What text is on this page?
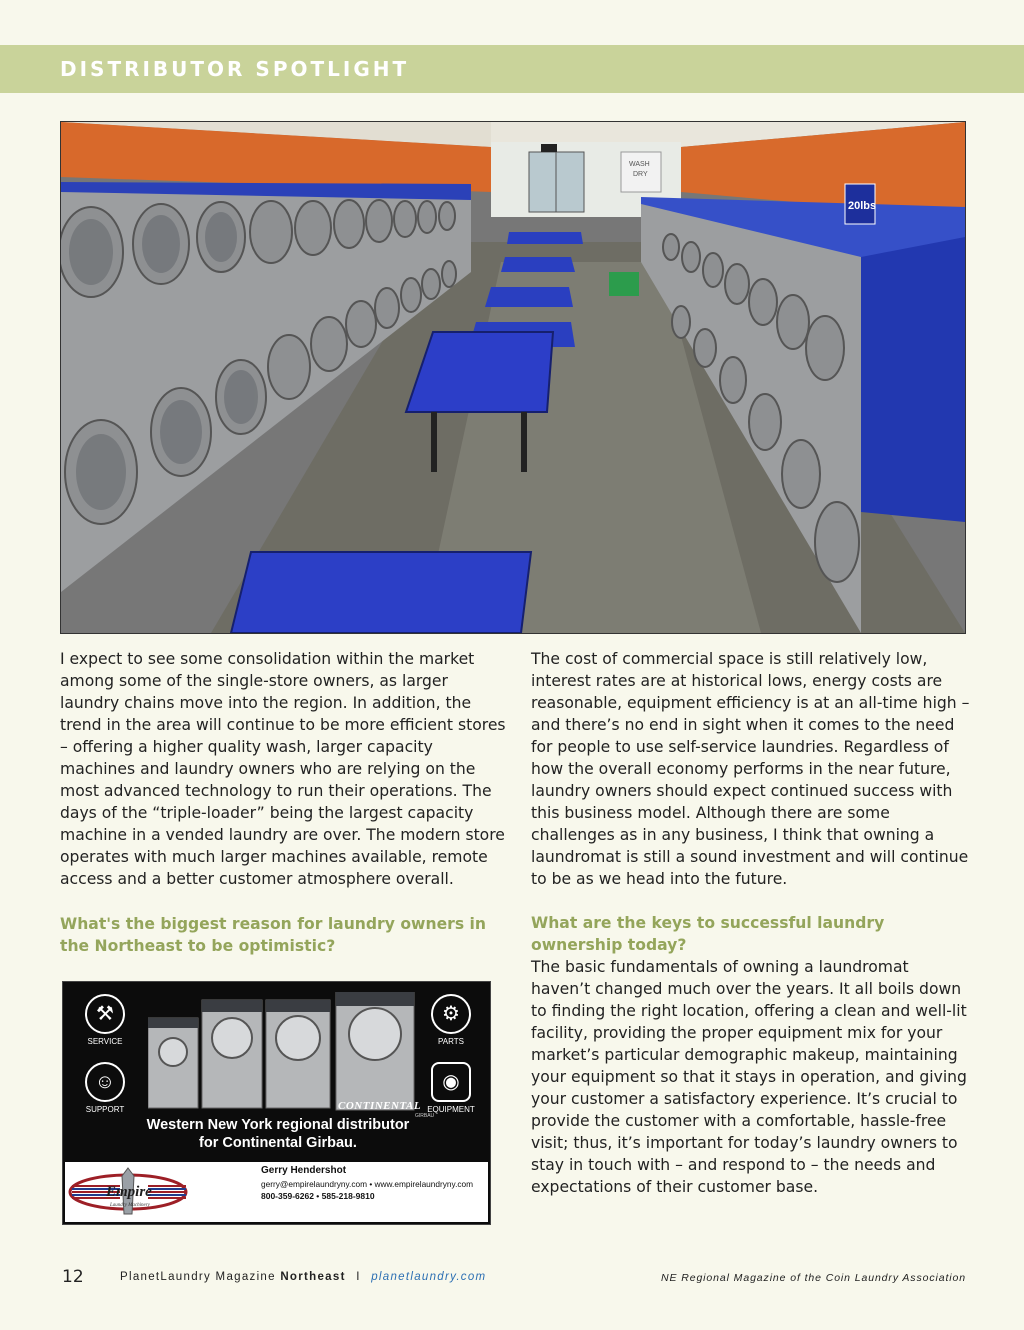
DISTRIBUTOR SPOTLIGHT
WASH
DRY
20lbs

I expect to see some consolidation within the market among some of the single-store owners, as larger laundry chains move into the region. In addition, the trend in the area will continue to be more efficient stores – offering a higher quality wash, larger capacity machines and laundry owners who are relying on the most advanced technology to run their operations. The days of the “triple-loader” being the largest capacity machine in a vended laundry are over. The modern store operates with much larger machines available, remote access and a better customer atmosphere overall.

What's the biggest reason for laundry owners in the Northeast to be optimistic?

The cost of commercial space is still relatively low, interest rates are at historical lows, energy costs are reasonable, equipment efficiency is at an all-time high – and there’s no end in sight when it comes to the need for people to use self-service laundries. Regardless of how the overall economy performs in the near future, laundry owners should expect continued success with this business model. Although there are some challenges as in any business, I think that owning a laundromat is still a sound investment and will continue to be as we head into the future.

What are the keys to successful laundry ownership today?

The basic fundamentals of owning a laundromat haven’t changed much over the years. It all boils down to finding the right location, offering a clean and well-lit facility, providing the proper equipment mix for your market’s particular demographic makeup, maintaining your equipment so that it stays in operation, and giving your customer a satisfactory experience. It’s crucial to provide the customer with a comfortable, hassle-free visit; thus, it’s important for today’s laundry owners to stay in touch with – and respond to – the needs and expectations of their customer base.

⚒
SERVICE
⚙
PARTS
☺
SUPPORT
◉
EQUIPMENT
CONTINENTAL
GIRBAU
Western New York regional distributor
for Continental Girbau.
Empire
Laundry Machinery
Gerry Hendershot
gerry@empirelaundryny.com • www.empirelaundryny.com
800-359-6262 • 585-218-9810
12	PlanetLaundry Magazine Northeast I planetlaundry.com	NE Regional Magazine of the Coin Laundry Association
